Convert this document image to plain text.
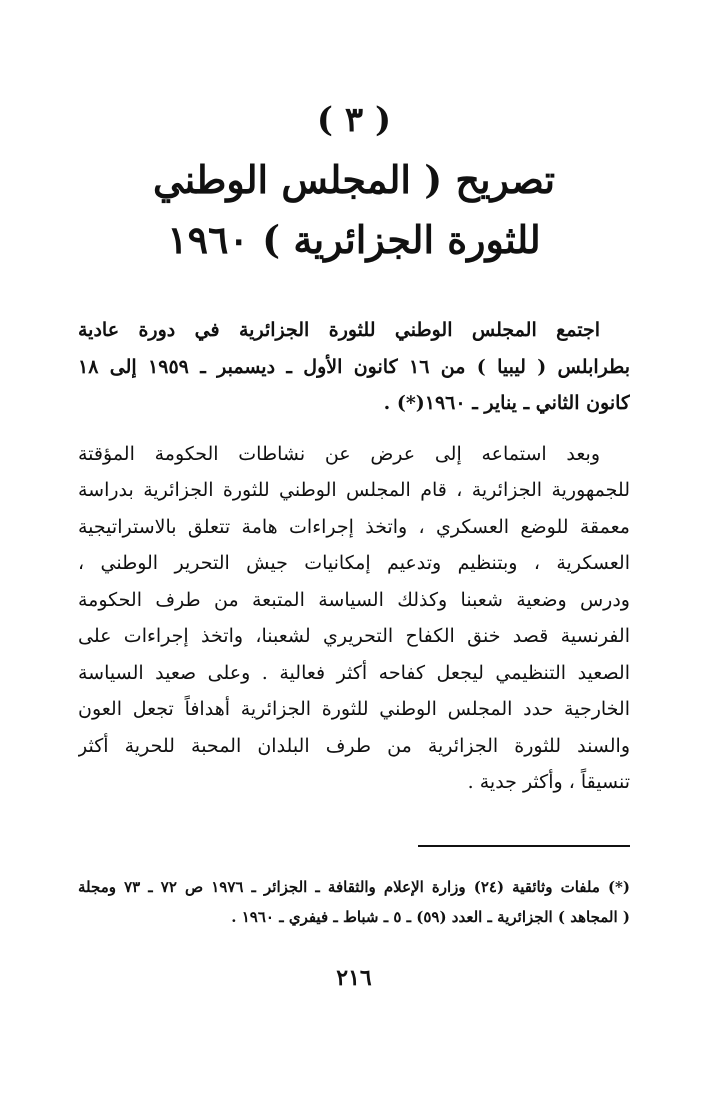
( ٣ )
تصريح ( المجلس الوطني
للثورة الجزائرية ) ١٩٦٠

اجتمع المجلس الوطني للثورة الجزائرية في دورة عادية
بطرابلس ( ليبيا ) من ١٦ كانون الأول ـ ديسمبر ـ ١٩٥٩ إلى ١٨
كانون الثاني ـ يناير ـ ١٩٦٠(*) .

وبعد استماعه إلى عرض عن نشاطات الحكومة المؤقتة
للجمهورية الجزائرية ، قام المجلس الوطني للثورة الجزائرية بدراسة
معمقة للوضع العسكري ، واتخذ إجراءات هامة تتعلق بالاستراتيجية
العسكرية ، وبتنظيم وتدعيم إمكانيات جيش التحرير الوطني ،
ودرس وضعية شعبنا وكذلك السياسة المتبعة من طرف الحكومة
الفرنسية قصد خنق الكفاح التحريري لشعبنا، واتخذ إجراءات على
الصعيد التنظيمي ليجعل كفاحه أكثر فعالية . وعلى صعيد السياسة
الخارجية حدد المجلس الوطني للثورة الجزائرية أهدافاً تجعل العون
والسند للثورة الجزائرية من طرف البلدان المحبة للحرية أكثر
تنسيقاً ، وأكثر جدية .

(*) ملفات وثائقية (٢٤) وزارة الإعلام والثقافة ـ الجزائر ـ ١٩٧٦ ص ٧٢ ـ ٧٣ ومجلة
( المجاهد ) الجزائرية ـ العدد (٥٩) ـ ٥ ـ شباط ـ فيفري ـ ١٩٦٠ .
٢١٦
